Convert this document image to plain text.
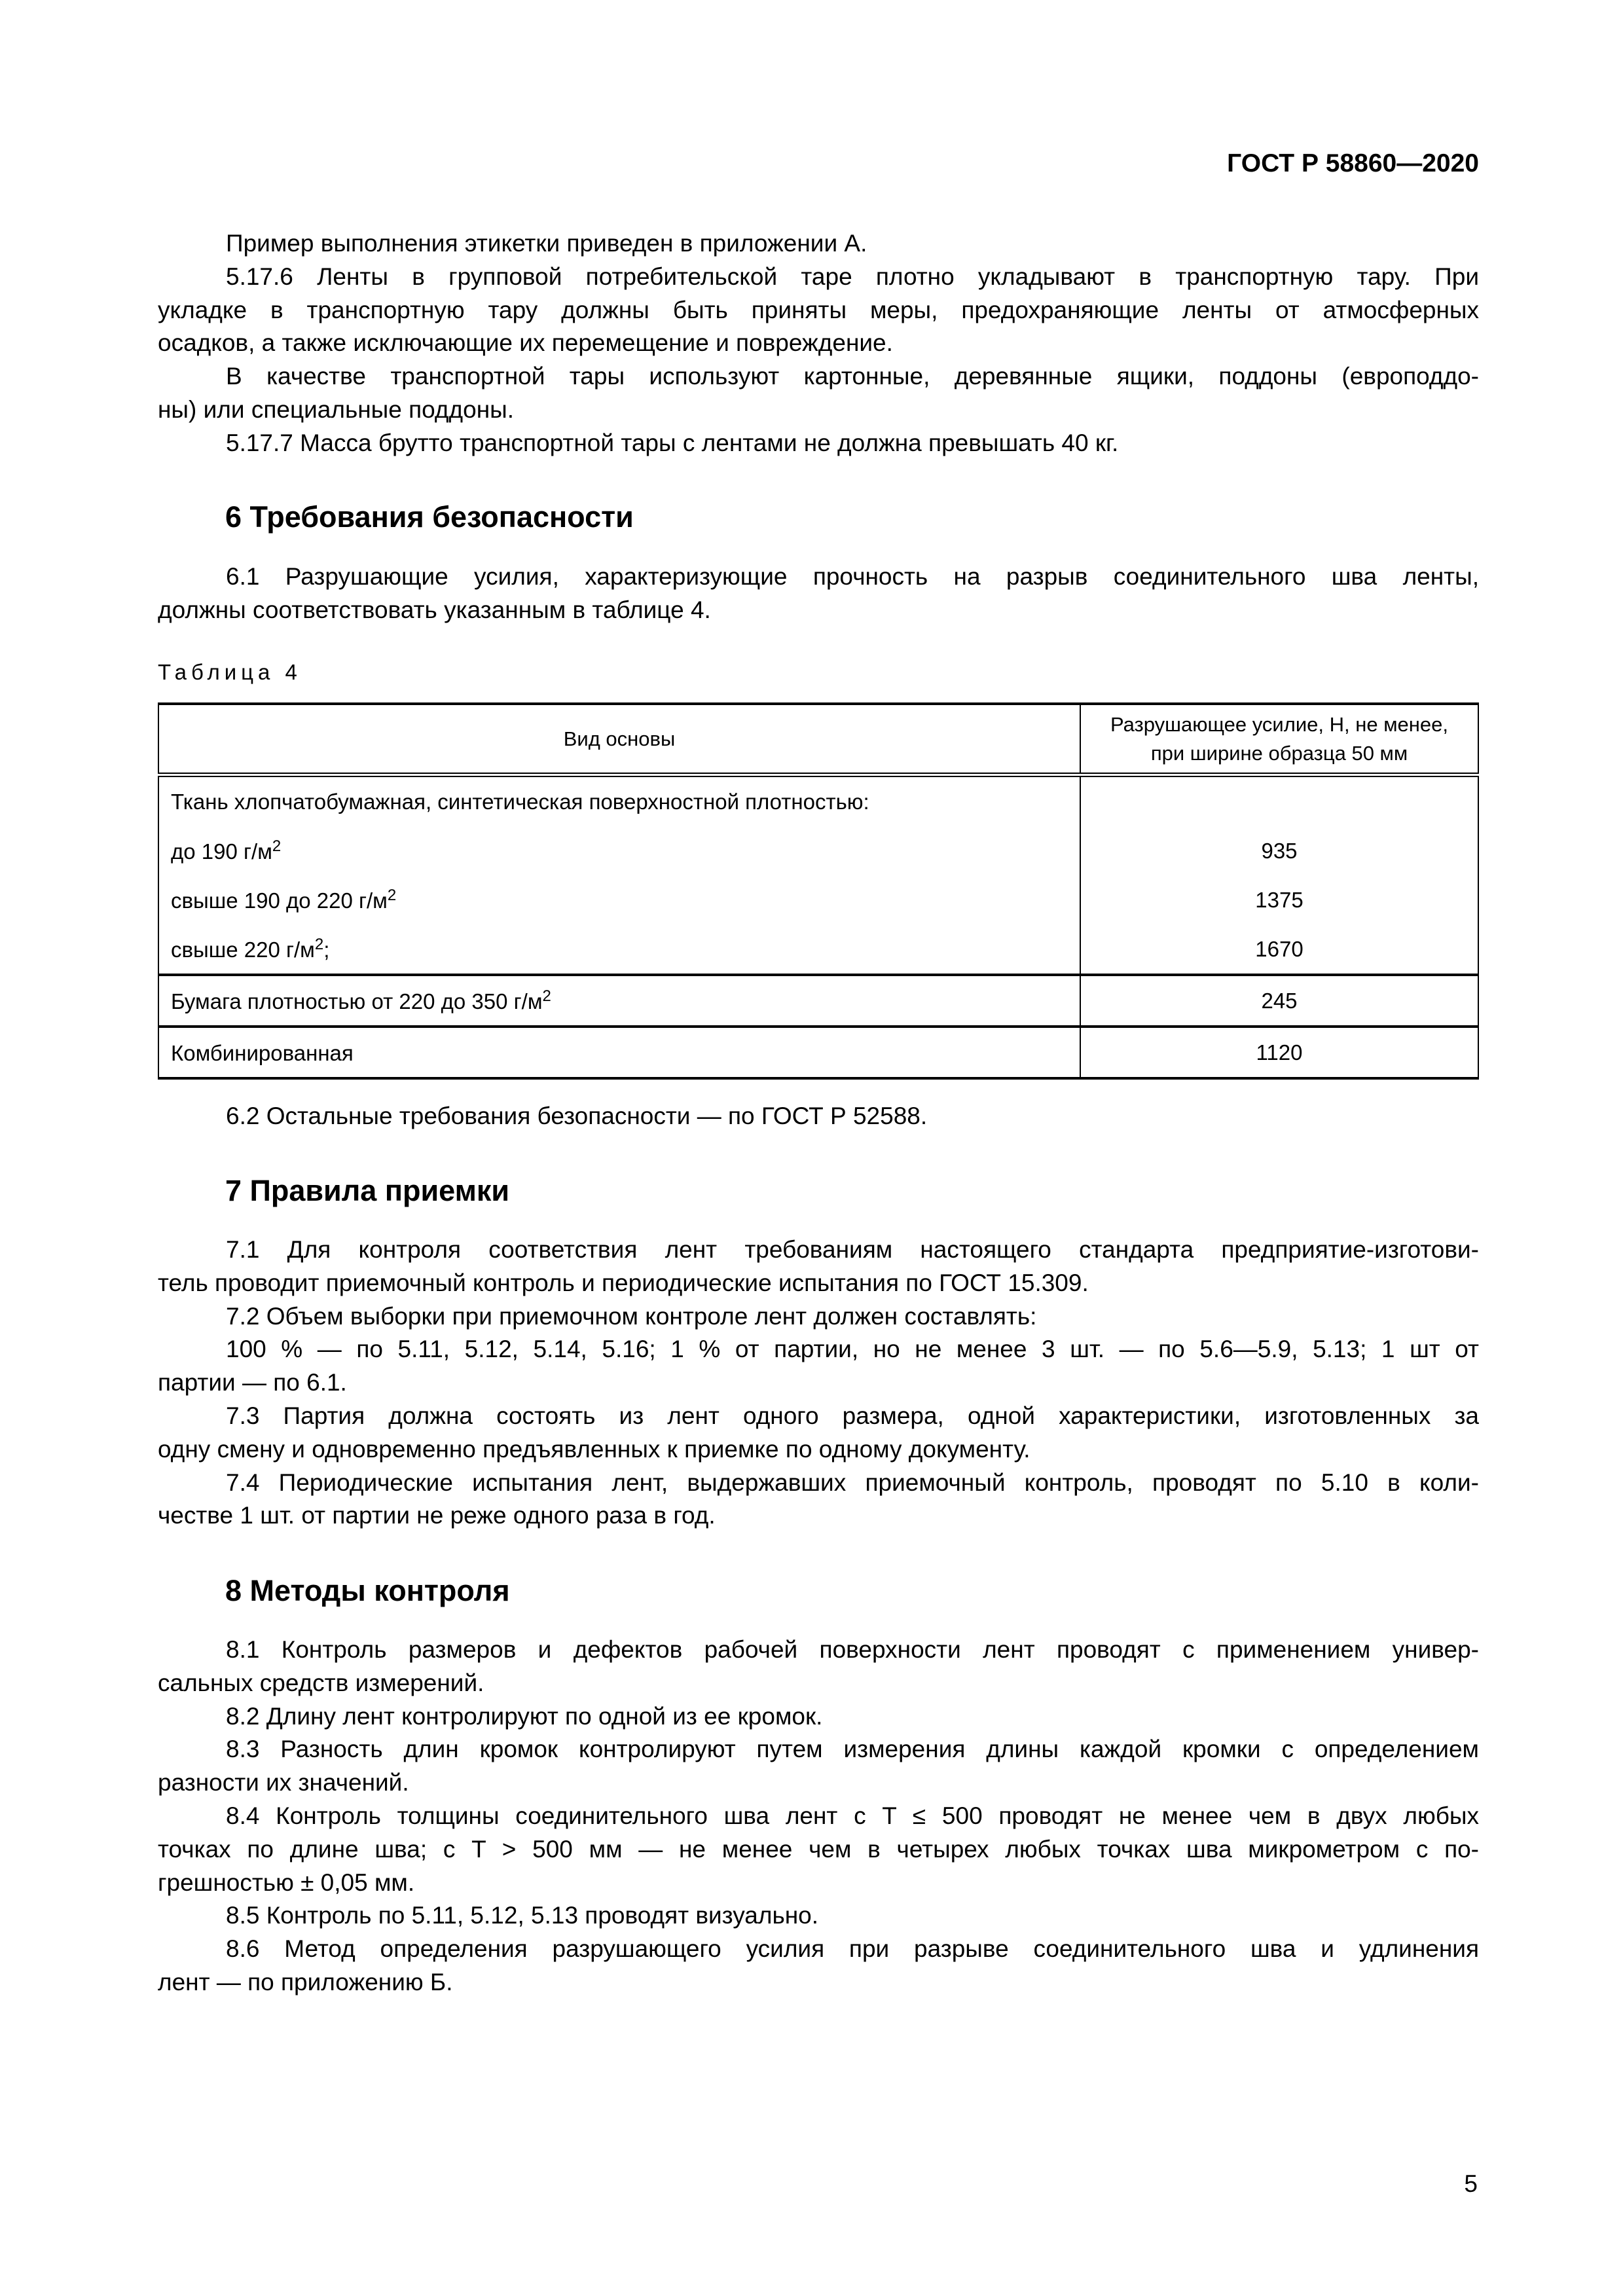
ГОСТ Р 58860—2020
Пример выполнения этикетки приведен в приложении А.
5.17.6 Ленты в групповой потребительской таре плотно укладывают в транспортную тару. При
укладке в транспортную тару должны быть приняты меры, предохраняющие ленты от атмосферных
осадков, а также исключающие их перемещение и повреждение.
В качестве транспортной тары используют картонные, деревянные ящики, поддоны (европоддо-
ны) или специальные поддоны.
5.17.7 Масса брутто транспортной тары с лентами не должна превышать 40 кг.
6 Требования безопасности
6.1 Разрушающие усилия, характеризующие прочность на разрыв соединительного шва ленты,
должны соответствовать указанным в таблице 4.
Таблица 4
Вид основы	Разрушающее усилие, Н, не менее,
при ширине образца 50 мм

Ткань хлопчатобумажная, синтетическая поверхностной плотностью:	
до 190 $г/м^2$	935
свыше 190 до 220 $г/м^2$	1375
свыше 220 $г/м^2$;	1670
Бумага плотностью от 220 до 350 $г/м^2$	245
Комбинированная	1120
6.2 Остальные требования безопасности — по ГОСТ Р 52588.
7 Правила приемки
7.1 Для контроля соответствия лент требованиям настоящего стандарта предприятие-изготови-
тель проводит приемочный контроль и периодические испытания по ГОСТ 15.309.
7.2 Объем выборки при приемочном контроле лент должен составлять:
100 % — по 5.11, 5.12, 5.14, 5.16; 1 % от партии, но не менее 3 шт. — по 5.6—5.9, 5.13; 1 шт от
партии — по 6.1.
7.3 Партия должна состоять из лент одного размера, одной характеристики, изготовленных за
одну смену и одновременно предъявленных к приемке по одному документу.
7.4 Периодические испытания лент, выдержавших приемочный контроль, проводят по 5.10 в коли-
честве 1 шт. от партии не реже одного раза в год.
8 Методы контроля
8.1 Контроль размеров и дефектов рабочей поверхности лент проводят с применением универ-
сальных средств измерений.
8.2 Длину лент контролируют по одной из ее кромок.
8.3 Разность длин кромок контролируют путем измерения длины каждой кромки с определением
разности их значений.
8.4 Контроль толщины соединительного шва лент с T ≤ 500 проводят не менее чем в двух любых
точках по длине шва; с T > 500 мм — не менее чем в четырех любых точках шва микрометром с по-
грешностью ± 0,05 мм.
8.5 Контроль по 5.11, 5.12, 5.13 проводят визуально.
8.6 Метод определения разрушающего усилия при разрыве соединительного шва и удлинения
лент — по приложению Б.
5
